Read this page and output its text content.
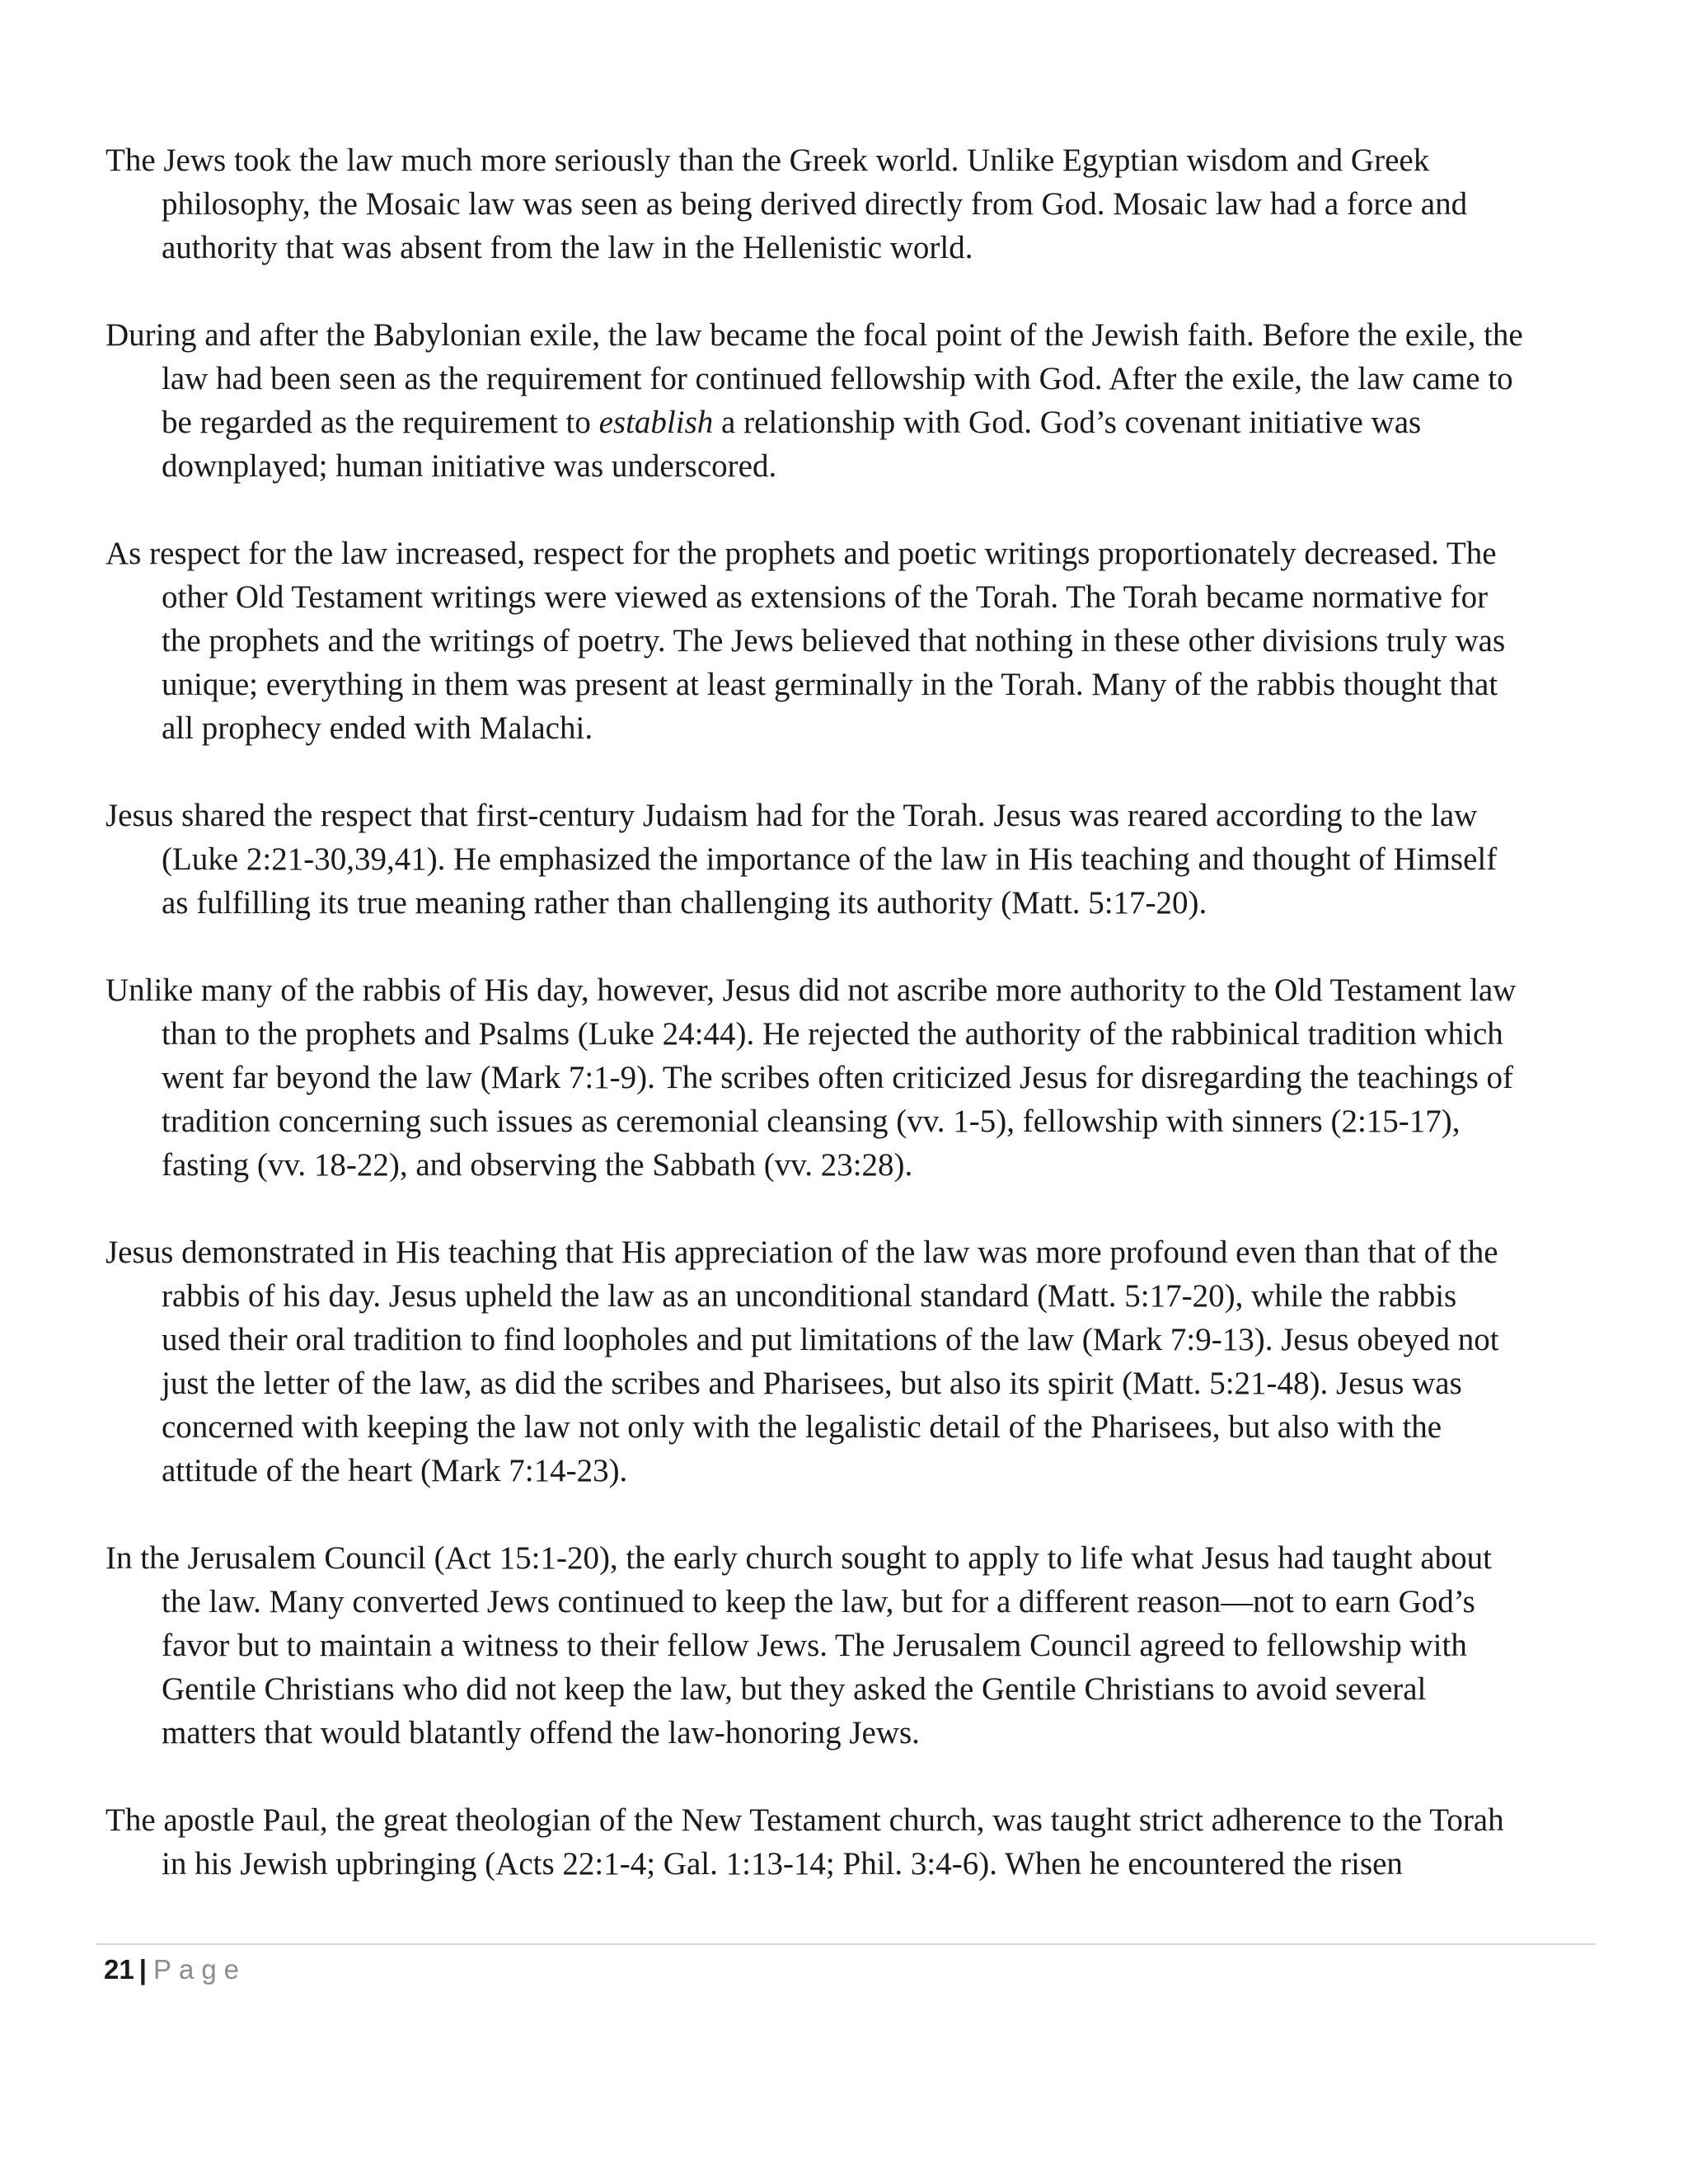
The Jews took the law much more seriously than the Greek world. Unlike Egyptian wisdom and Greek philosophy, the Mosaic law was seen as being derived directly from God. Mosaic law had a force and authority that was absent from the law in the Hellenistic world.

During and after the Babylonian exile, the law became the focal point of the Jewish faith. Before the exile, the law had been seen as the requirement for continued fellowship with God. After the exile, the law came to be regarded as the requirement to establish a relationship with God. God’s covenant initiative was downplayed; human initiative was underscored.

As respect for the law increased, respect for the prophets and poetic writings proportionately decreased. The other Old Testament writings were viewed as extensions of the Torah. The Torah became normative for the prophets and the writings of poetry. The Jews believed that nothing in these other divisions truly was unique; everything in them was present at least germinally in the Torah. Many of the rabbis thought that all prophecy ended with Malachi.

Jesus shared the respect that first-century Judaism had for the Torah. Jesus was reared according to the law (Luke 2:21-30,39,41). He emphasized the importance of the law in His teaching and thought of Himself as fulfilling its true meaning rather than challenging its authority (Matt. 5:17-20).

Unlike many of the rabbis of His day, however, Jesus did not ascribe more authority to the Old Testament law than to the prophets and Psalms (Luke 24:44). He rejected the authority of the rabbinical tradition which went far beyond the law (Mark 7:1-9). The scribes often criticized Jesus for disregarding the teachings of tradition concerning such issues as ceremonial cleansing (vv. 1-5), fellowship with sinners (2:15-17), fasting (vv. 18-22), and observing the Sabbath (vv. 23:28).

Jesus demonstrated in His teaching that His appreciation of the law was more profound even than that of the rabbis of his day. Jesus upheld the law as an unconditional standard (Matt. 5:17-20), while the rabbis used their oral tradition to find loopholes and put limitations of the law (Mark 7:9-13). Jesus obeyed not just the letter of the law, as did the scribes and Pharisees, but also its spirit (Matt. 5:21-48). Jesus was concerned with keeping the law not only with the legalistic detail of the Pharisees, but also with the attitude of the heart (Mark 7:14-23).

In the Jerusalem Council (Act 15:1-20), the early church sought to apply to life what Jesus had taught about the law. Many converted Jews continued to keep the law, but for a different reason—not to earn God’s favor but to maintain a witness to their fellow Jews. The Jerusalem Council agreed to fellowship with Gentile Christians who did not keep the law, but they asked the Gentile Christians to avoid several matters that would blatantly offend the law-honoring Jews.

The apostle Paul, the great theologian of the New Testament church, was taught strict adherence to the Torah in his Jewish upbringing (Acts 22:1-4; Gal. 1:13-14; Phil. 3:4-6). When he encountered the risen

21 | Page
